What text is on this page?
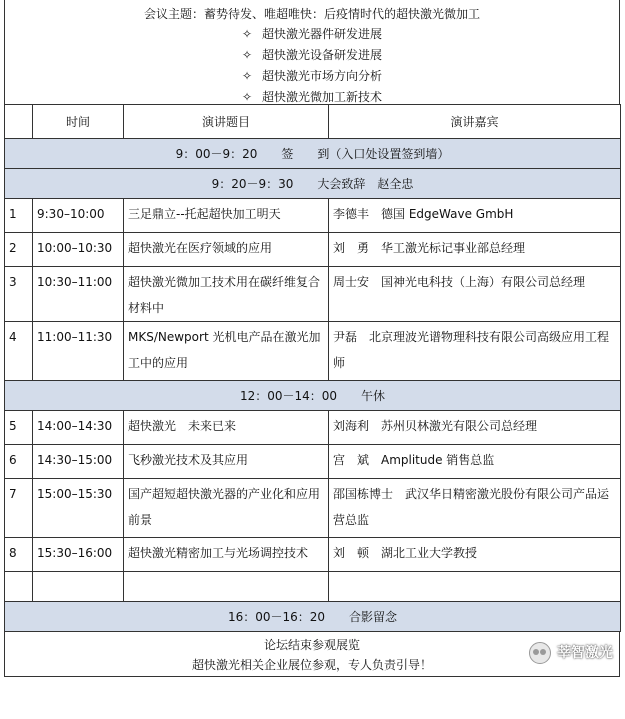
会议主题：蓄势待发、唯超唯快：后疫情时代的超快激光微加工
✧ 超快激光器件研发进展
✧ 超快激光设备研发进展
✧ 超快激光市场方向分析
✧ 超快激光微加工新技术
	时间	演讲题目	演讲嘉宾
9：00－9：20　　签　　到（入口处设置签到墙）			
9：20－9：30　　大会致辞　赵全忠			

1	9:30–10:00	三足鼎立--托起超快加工明天	李德丰　德国 EdgeWave GmbH

2	10:00–10:30	超快激光在医疗领域的应用	刘　勇　华工激光标记事业部总经理

3	10:30–11:00	超快激光微加工技术用在碳纤维复合材料中	周士安　国神光电科技（上海）有限公司总经理

4	11:00–11:30	MKS/Newport 光机电产品在激光加工中的应用	尹磊　北京理波光谱物理科技有限公司高级应用工程师

12：00－14：00　　午休			

5	14:00–14:30	超快激光　未来已来	刘海利　苏州贝林激光有限公司总经理

6	14:30–15:00	飞秒激光技术及其应用	宫　斌　Amplitude 销售总监

7	15:00–15:30	国产超短超快激光器的产业化和应用前景	邵国栋博士　武汉华日精密激光股份有限公司产品运营总监

8	15:30–16:00	超快激光精密加工与光场调控技术	刘　顿　湖北工业大学教授

16：00－16：20　　合影留念			
论坛结束参观展览
超快激光相关企业展位参观，专人负责引导！
莘智激光
